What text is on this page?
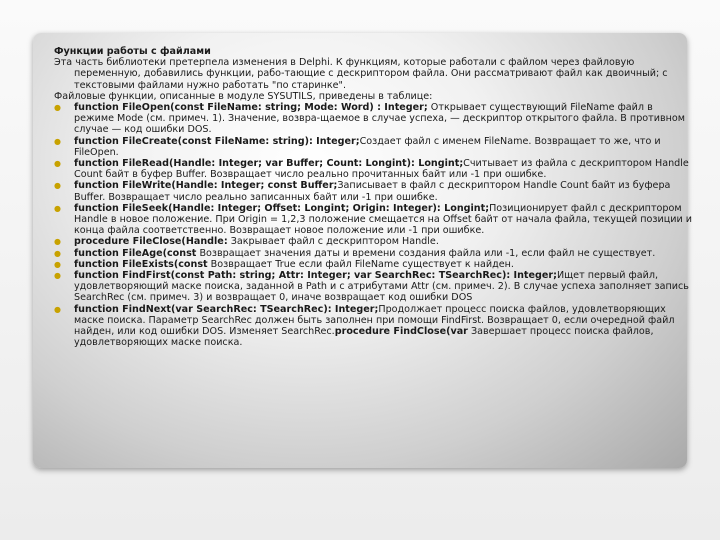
Функции работы с файлами
Эта часть библиотеки претерпела изменения в Delphi. К функциям, которые работали с файлом через файловую переменную, добавились функции, рабо-тающие с дескриптором файла. Они рассматривают файл как двоичный; с текстовыми файлами нужно работать "по старинке".
Файловые функции, описанные в модуле SYSUTILS, приведены в таблице:
●	function FileOpen(const FileName: string; Mode: Word) : Integer; Открывает существующий FileName файл в режиме Mode (см. примеч. 1). Значение, возвра-щаемое в случае успеха, — дескриптор открытого файла. В противном случае — код ошибки DOS.
●	function FileCreate(const FileName: string): Integer;Создает файл с именем FileName. Возвращает то же, что и FileOpen.
●	function FileRead(Handle: Integer; var Buffer; Count: Longint): Longint;Считывает из файла с дескриптором Handle Count байт в буфер Buffer. Возвращает число реально прочитанных байт или -1 при ошибке.
●	function FileWrite(Handle: Integer; const Buffer;Записывает в файл с дескриптором Handle Count байт из буфера Buffer. Возвращает число реально записанных байт или -1 при ошибке.
●	function FileSeek(Handle: Integer; Offset: Longint; Origin: Integer): Longint;Позиционирует файл с дескриптором Handle в новое положение. При Origin = 1,2,3 положение смещается на Offset байт от начала файла, текущей позиции и конца файла соответственно. Возвращает новое положение или -1 при ошибке.
●	procedure FileClose(Handle: Закрывает файл с дескриптором Handle.
●	function FileAge(const Возвращает значения даты и времени создания файла или -1, если файл не существует.
●	function FileExists(const Возвращает True если файл FileName существует к найден.
●	function FindFirst(const Path: string; Attr: Integer; var SearchRec: TSearchRec): Integer;Ищет первый файл, удовлетворяющий маске поиска, заданной в Path и с атрибутами Attr (см. примеч. 2). В случае успеха заполняет запись SearchRec (см. примеч. 3) и возвращает 0, иначе возвращает код ошибки DOS
●	function FindNext(var SearchRec: TSearchRec): Integer;Продолжает процесс поиска файлов, удовлетворяющих маске поиска. Параметр SearchRec должен быть заполнен при помощи FindFirst. Возвращает 0, если очередной файл найден, или код ошибки DOS. Изменяет SearchRec.procedure FindClose(var Завершает процесс поиска файлов, удовлетворяющих маске поиска.
